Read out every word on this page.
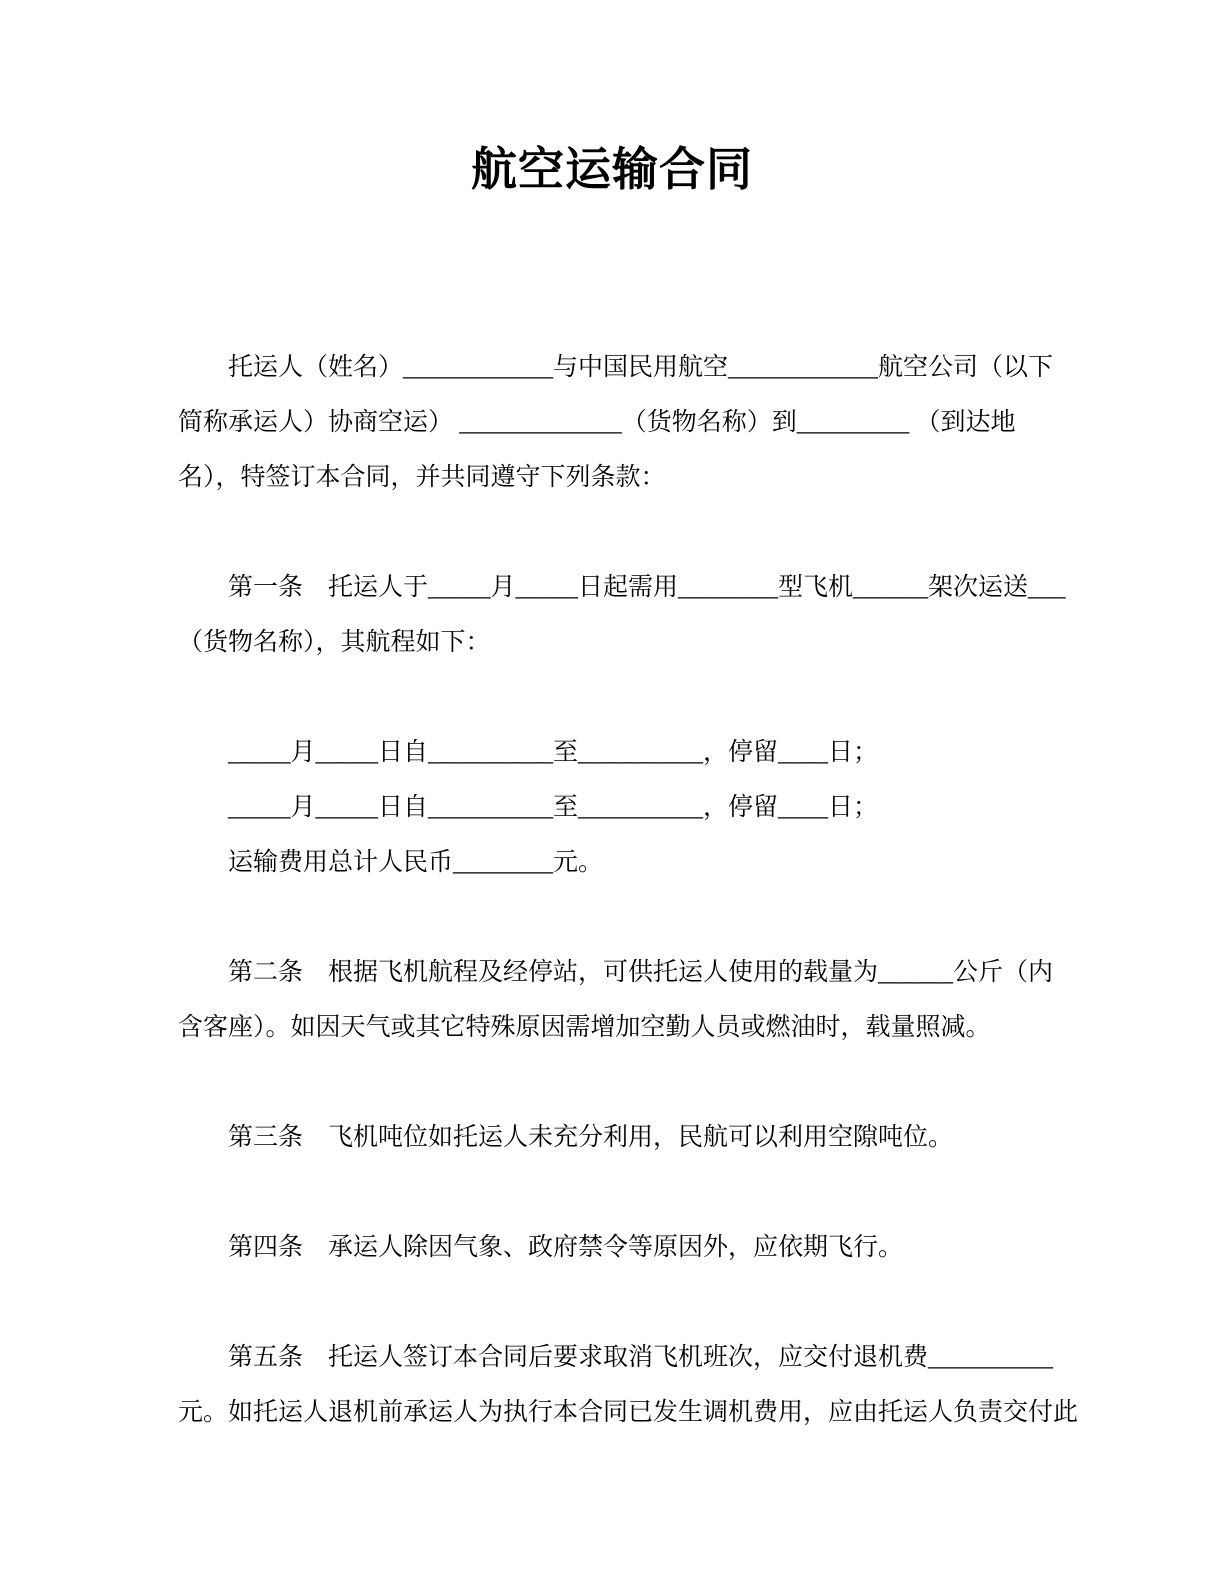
航空运输合同

托运人（姓名）____________与中国民用航空____________航空公司（以下

简称承运人）协商空运） _____________（货物名称）到_________ （到达地

名），特签订本合同，并共同遵守下列条款：

第一条　托运人于_____月_____日起需用________型飞机______架次运送___

（货物名称），其航程如下：

_____月_____日自__________至__________，停留____日；

_____月_____日自__________至__________，停留____日；

运输费用总计人民币________元。

第二条　根据飞机航程及经停站，可供托运人使用的载量为______公斤（内

含客座）。如因天气或其它特殊原因需增加空勤人员或燃油时，载量照减。

第三条　飞机吨位如托运人未充分利用，民航可以利用空隙吨位。

第四条　承运人除因气象、政府禁令等原因外，应依期飞行。

第五条　托运人签订本合同后要求取消飞机班次，应交付退机费__________

元。如托运人退机前承运人为执行本合同已发生调机费用，应由托运人负责交付此
